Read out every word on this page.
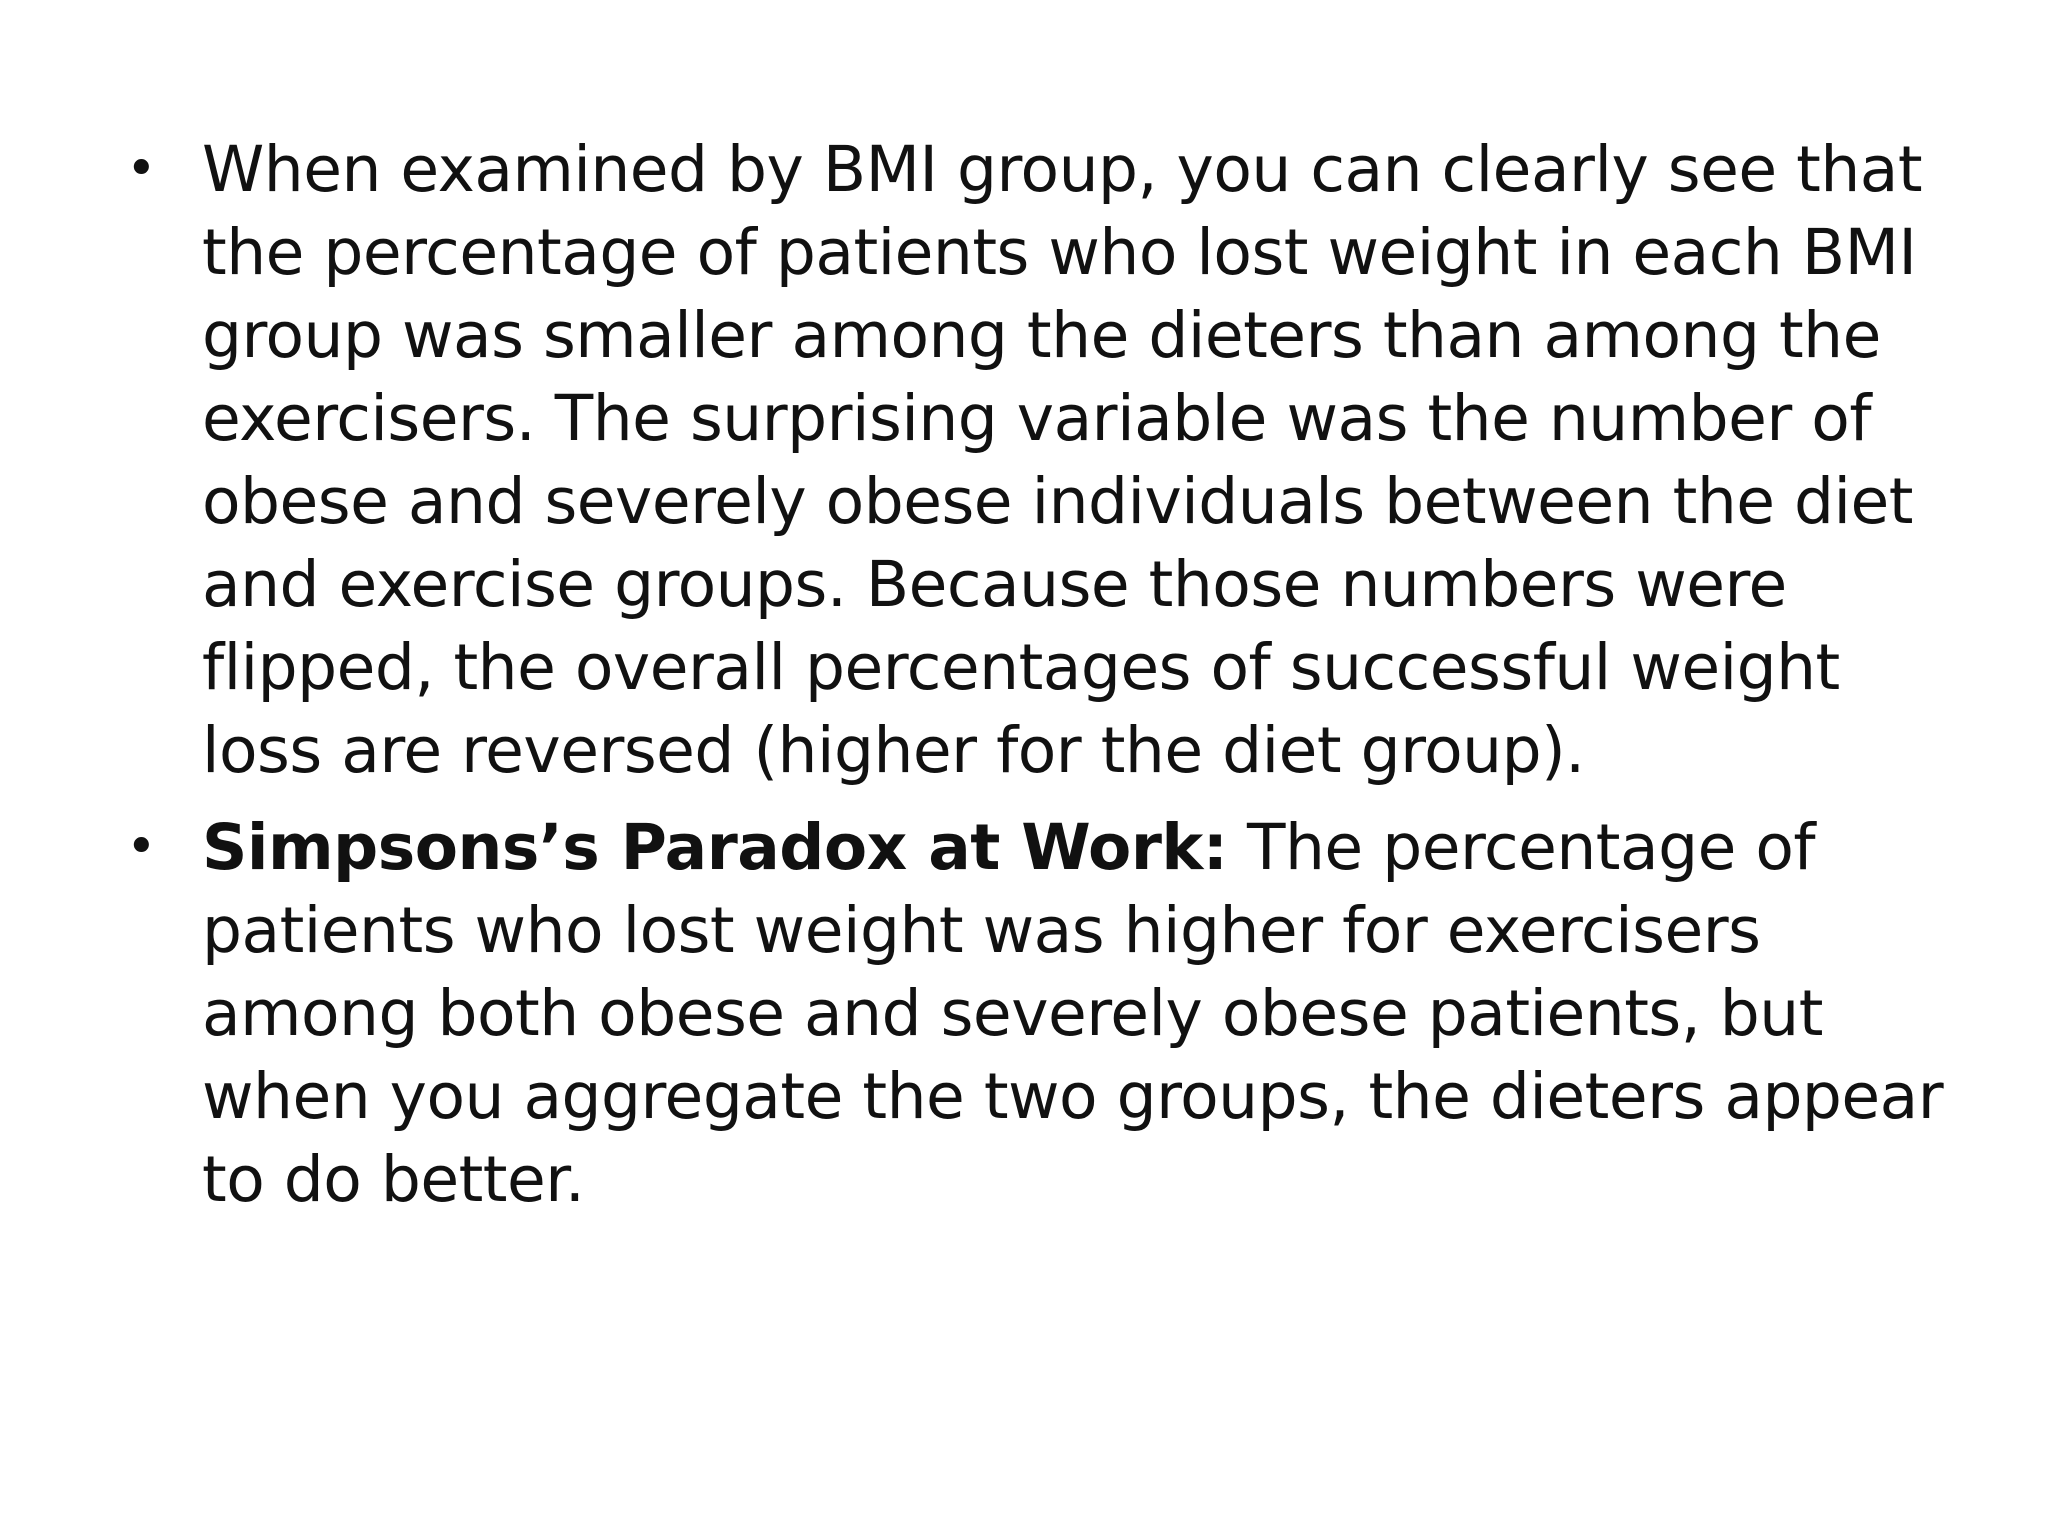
• When examined by BMI group, you can clearly see that the percentage of patients who lost weight in each BMI group was smaller among the dieters than among the exercisers. The surprising variable was the number of obese and severely obese individuals between the diet and exercise groups. Because those numbers were flipped, the overall percentages of successful weight loss are reversed (higher for the diet group).
• Simpsons’s Paradox at Work: The percentage of patients who lost weight was higher for exercisers among both obese and severely obese patients, but when you aggregate the two groups, the dieters appear to do better.
